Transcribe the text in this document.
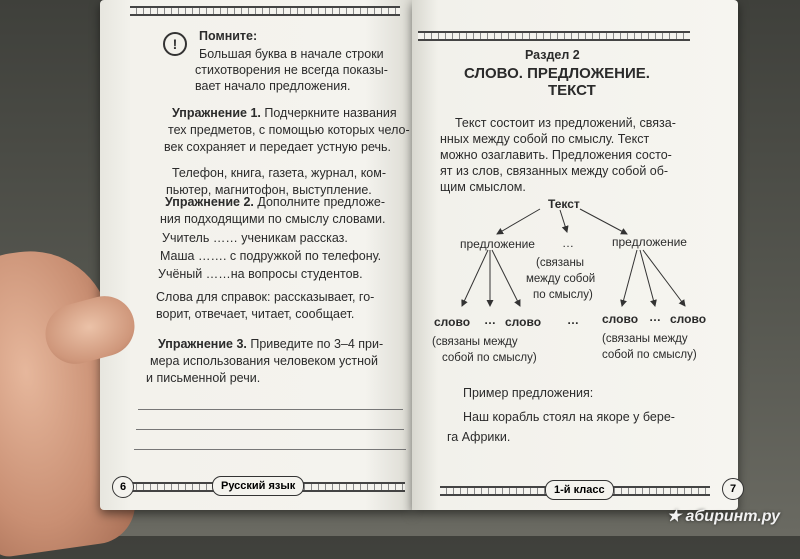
!	Помните:
Большая буква в начале строки
стихотворения не всегда показы-
вает начало предложения.
Упражнение 1. Подчеркните названия
тех предметов, с помощью которых чело-
век сохраняет и передает устную речь.
Телефон, книга, газета, журнал, ком-
пьютер, магнитофон, выступление.
Упражнение 2. Дополните предложе-
ния подходящими по смыслу словами.
Учитель …… ученикам рассказ.
Маша ……. с подружкой по телефону.
Учёный ……на вопросы студентов.
Слова для справок: рассказывает, го-
ворит, отвечает, читает, сообщает.
Упражнение 3. Приведите по 3–4 при-
мера использования человеком устной
и письменной речи.
6	Русский язык
Раздел 2
СЛОВО. ПРЕДЛОЖЕНИЕ.
ТЕКСТ
Текст состоит из предложений, связа-
нных между собой по смыслу. Текст
можно озаглавить. Предложения состо-
ят из слов, связанных между собой об-
щим смыслом.
Текст
предложение …	предложение
(связаны
между собой
по смыслу)
слово … слово … слово … слово
(связаны между
собой по смыслу)
(связаны между
собой по смыслу)
Пример предложения:
Наш корабль стоял на якоре у бере-
га Африки.
1-й класс	7
★ абиринт.ру
